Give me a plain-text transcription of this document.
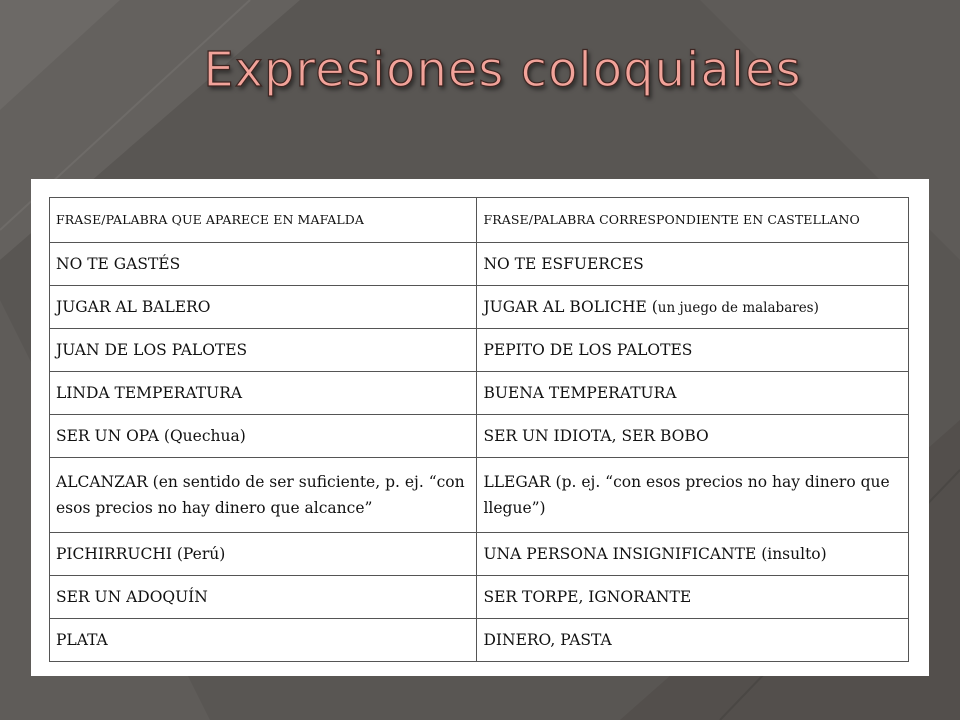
Expresiones coloquiales
FRASE/PALABRA QUE APARECE EN MAFALDA	FRASE/PALABRA CORRESPONDIENTE EN CASTELLANO
NO TE GASTÉS	NO TE ESFUERCES
JUGAR AL BALERO	JUGAR AL BOLICHE (un juego de malabares)
JUAN DE LOS PALOTES	PEPITO DE LOS PALOTES
LINDA TEMPERATURA	BUENA TEMPERATURA
SER UN OPA (Quechua)	SER UN IDIOTA, SER BOBO
ALCANZAR (en sentido de ser suficiente, p. ej. “con esos precios no hay dinero que alcance”	LLEGAR (p. ej. “con esos precios no hay dinero que llegue”)
PICHIRRUCHI (Perú)	UNA PERSONA INSIGNIFICANTE (insulto)
SER UN ADOQUÍN	SER TORPE, IGNORANTE
PLATA	DINERO, PASTA
